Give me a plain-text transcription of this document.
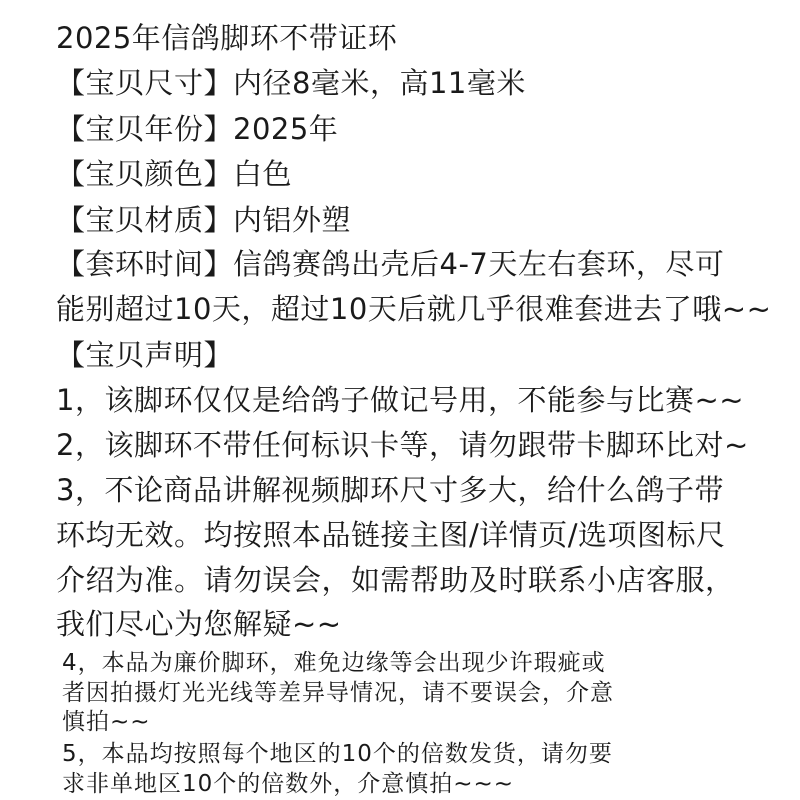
2025年信鸽脚环不带证环
【宝贝尺寸】内径8毫米，高11毫米
【宝贝年份】2025年
【宝贝颜色】白色
【宝贝材质】内铝外塑
【套环时间】信鸽赛鸽出壳后4-7天左右套环，尽可
能别超过10天，超过10天后就几乎很难套进去了哦~~
【宝贝声明】
1，该脚环仅仅是给鸽子做记号用，不能参与比赛~~
2，该脚环不带任何标识卡等，请勿跟带卡脚环比对~
3，不论商品讲解视频脚环尺寸多大，给什么鸽子带
环均无效。均按照本品链接主图/详情页/选项图标尺
介绍为准。请勿误会，如需帮助及时联系小店客服，
我们尽心为您解疑~~
4，本品为廉价脚环，难免边缘等会出现少许瑕疵或
者因拍摄灯光光线等差异导情况，请不要误会，介意
慎拍~~
5，本品均按照每个地区的10个的倍数发货，请勿要
求非单地区10个的倍数外，介意慎拍~~~
